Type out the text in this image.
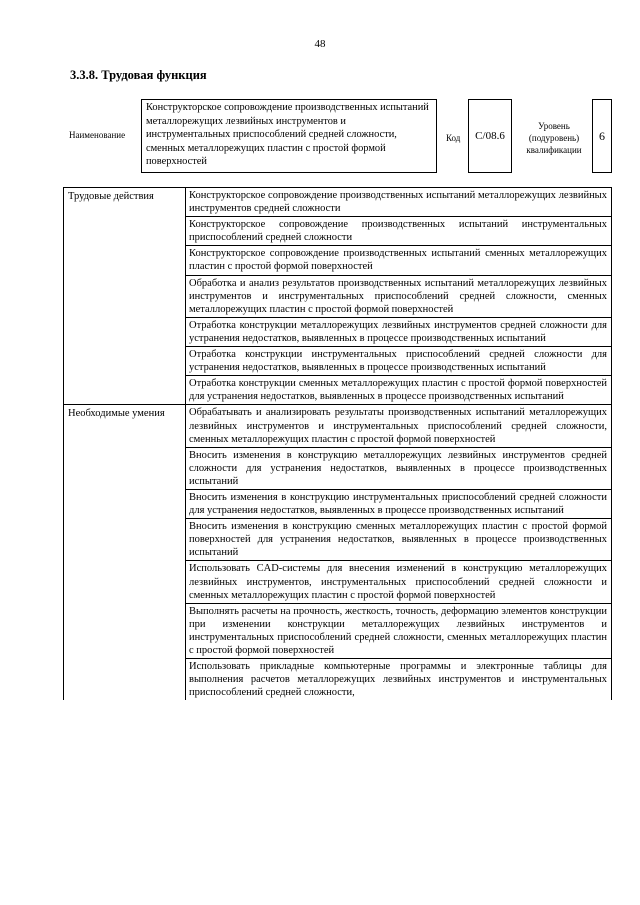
48
3.3.8. Трудовая функция
Наименование
Конструкторское сопровождение производственных испытаний металлорежущих лезвийных инструментов и инструментальных приспособлений средней сложности, сменных металлорежущих пластин с простой формой поверхностей
Код	С/08.6
Уровень (подуровень) квалификации
6
Трудовые действия	Конструкторское сопровождение производственных испытаний металлорежущих лезвийных инструментов средней сложности
	Конструкторское сопровождение производственных испытаний инструментальных приспособлений средней сложности
	Конструкторское сопровождение производственных испытаний сменных металлорежущих пластин с простой формой поверхностей
	Обработка и анализ результатов производственных испытаний металлорежущих лезвийных инструментов и инструментальных приспособлений средней сложности, сменных металлорежущих пластин с простой формой поверхностей
	Отработка конструкции металлорежущих лезвийных инструментов средней сложности для устранения недостатков, выявленных в процессе производственных испытаний
	Отработка конструкции инструментальных приспособлений средней сложности для устранения недостатков, выявленных в процессе производственных испытаний
	Отработка конструкции сменных металлорежущих пластин с простой формой поверхностей для устранения недостатков, выявленных в процессе производственных испытаний
Необходимые умения	Обрабатывать и анализировать результаты производственных испытаний металлорежущих лезвийных инструментов и инструментальных приспособлений средней сложности, сменных металлорежущих пластин с простой формой поверхностей
	Вносить изменения в конструкцию металлорежущих лезвийных инструментов средней сложности для устранения недостатков, выявленных в процессе производственных испытаний
	Вносить изменения в конструкцию инструментальных приспособлений средней сложности для устранения недостатков, выявленных в процессе производственных испытаний
	Вносить изменения в конструкцию сменных металлорежущих пластин с простой формой поверхностей для устранения недостатков, выявленных в процессе производственных испытаний
	Использовать CAD-системы для внесения изменений в конструкцию металлорежущих лезвийных инструментов, инструментальных приспособлений средней сложности и сменных металлорежущих пластин с простой формой поверхностей
	Выполнять расчеты на прочность, жесткость, точность, деформацию элементов конструкции при изменении конструкции металлорежущих лезвийных инструментов и инструментальных приспособлений средней сложности, сменных металлорежущих пластин с простой формой поверхностей
	Использовать прикладные компьютерные программы и электронные таблицы для выполнения расчетов металлорежущих лезвийных инструментов и инструментальных приспособлений средней сложности,
